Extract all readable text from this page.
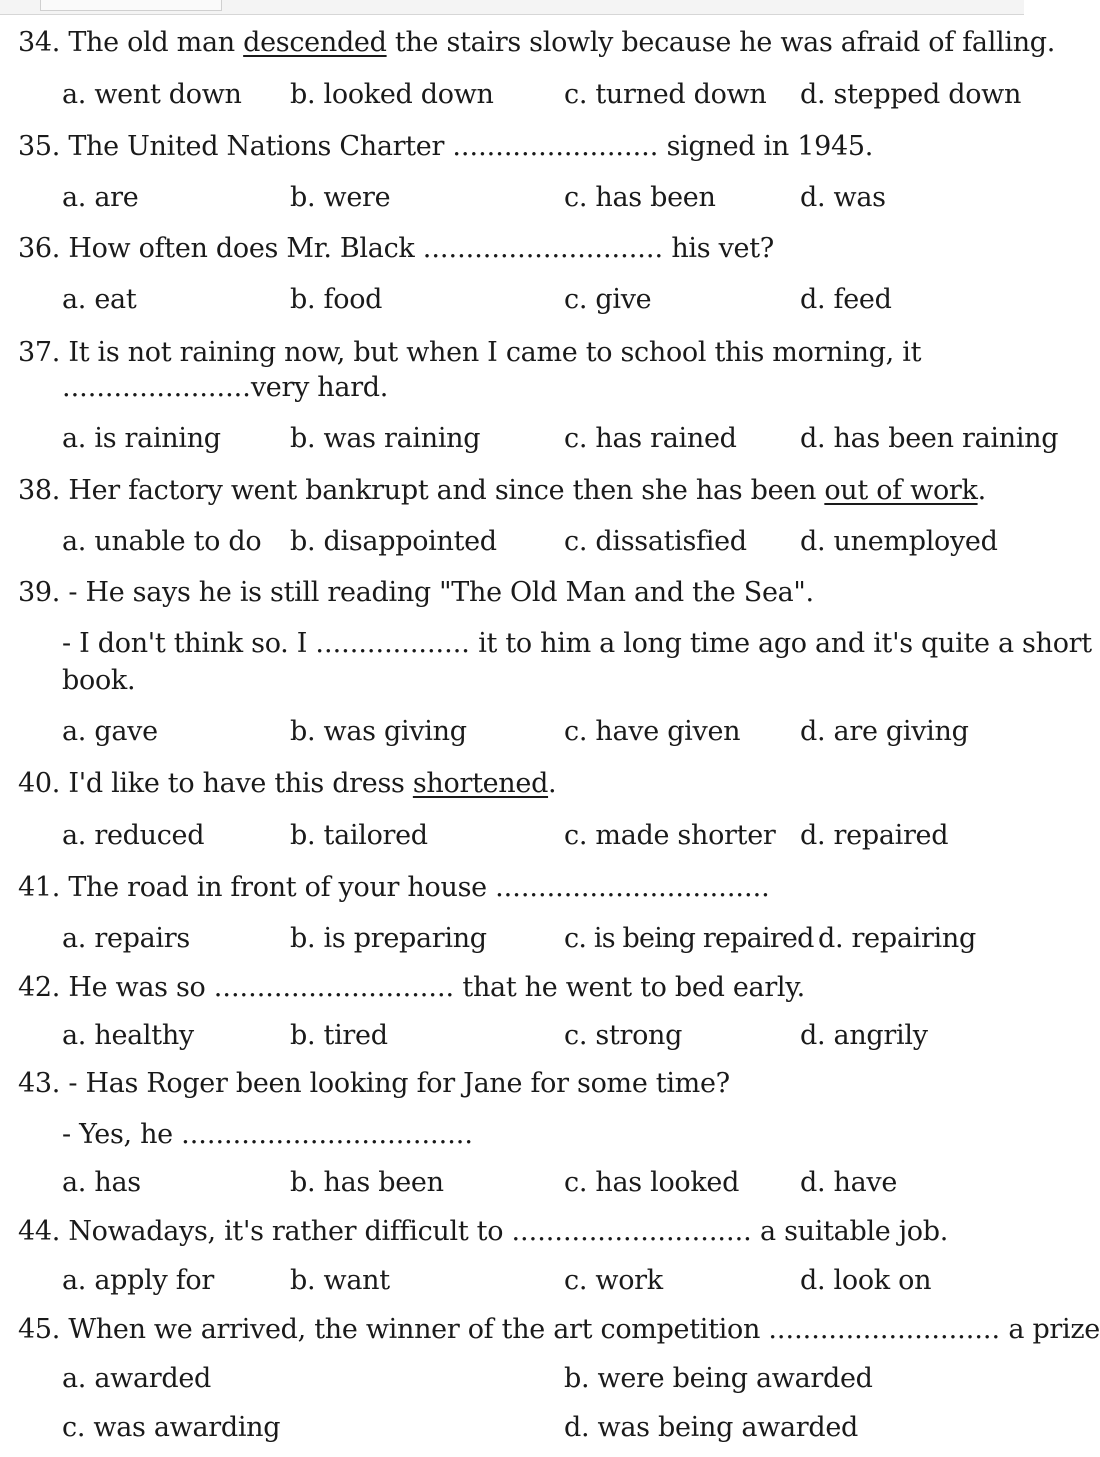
34. The old man descended the stairs slowly because he was afraid of falling.
a. went down b. looked down	c. turned down d. stepped down
35. The United Nations Charter ........................ signed in 1945.
a. are	b. were	c. has been	d. was
36. How often does Mr. Black ............................ his vet?
a. eat	b. food	c. give	d. feed
37. It is not raining now, but when I came to school this morning, it
......................very hard.
a. is raining	b. was raining	c. has rained d. has been raining
38. Her factory went bankrupt and since then she has been out of work.
a. unable to do b. disappointed c. dissatisfied d. unemployed
39. - He says he is still reading "The Old Man and the Sea".
- I don't think so. I .................. it to him a long time ago and it's quite a short
book.
a. gave	b. was giving	c. have given d. are giving
40. I'd like to have this dress shortened.
a. reduced	b. tailored	c. made shorter d. repaired
41. The road in front of your house ................................
a. repairs	b. is preparing	c. is being repaired d. repairing
42. He was so ............................ that he went to bed early.
a. healthy	b. tired	c. strong	d. angrily
43. - Has Roger been looking for Jane for some time?
- Yes, he ..................................
a. has	b. has been	c. has looked d. have
44. Nowadays, it's rather difficult to ............................ a suitable job.
a. apply for	b. want	c. work	d. look on
45. When we arrived, the winner of the art competition ........................... a prize
a. awarded	b. were being awarded
c. was awarding	d. was being awarded
